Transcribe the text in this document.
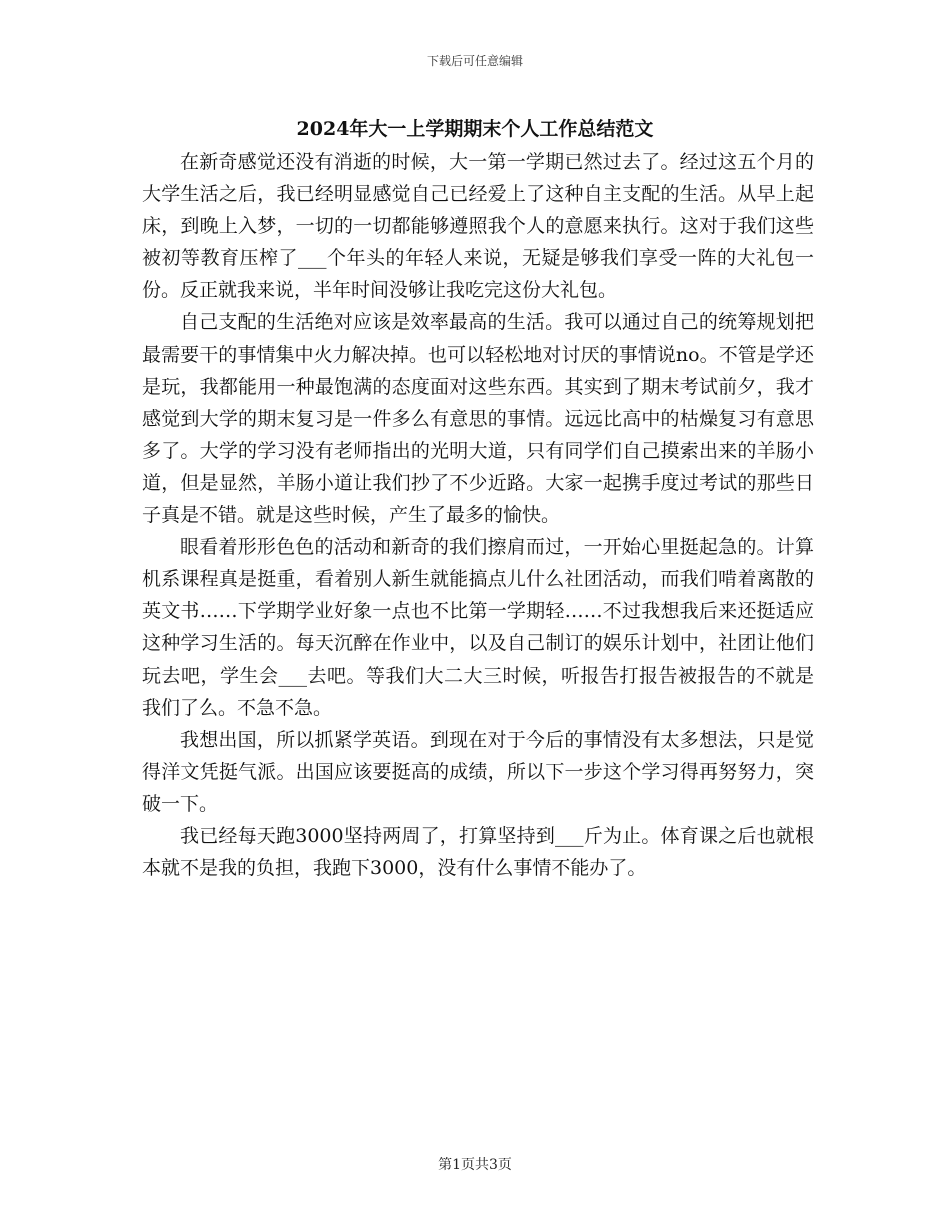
下载后可任意编辑
2024年大一上学期期末个人工作总结范文

在新奇感觉还没有消逝的时候，大一第一学期已然过去了。经过这五个月的大学生活之后，我已经明显感觉自己已经爱上了这种自主支配的生活。从早上起床，到晚上入梦，一切的一切都能够遵照我个人的意愿来执行。这对于我们这些被初等教育压榨了___个年头的年轻人来说，无疑是够我们享受一阵的大礼包一份。反正就我来说，半年时间没够让我吃完这份大礼包。

自己支配的生活绝对应该是效率最高的生活。我可以通过自己的统筹规划把最需要干的事情集中火力解决掉。也可以轻松地对讨厌的事情说no。不管是学还是玩，我都能用一种最饱满的态度面对这些东西。其实到了期末考试前夕，我才感觉到大学的期末复习是一件多么有意思的事情。远远比高中的枯燥复习有意思多了。大学的学习没有老师指出的光明大道，只有同学们自己摸索出来的羊肠小道，但是显然，羊肠小道让我们抄了不少近路。大家一起携手度过考试的那些日子真是不错。就是这些时候，产生了最多的愉快。

眼看着形形色色的活动和新奇的我们擦肩而过，一开始心里挺起急的。计算机系课程真是挺重，看着别人新生就能搞点儿什么社团活动，而我们啃着离散的英文书……下学期学业好象一点也不比第一学期轻……不过我想我后来还挺适应这种学习生活的。每天沉醉在作业中，以及自己制订的娱乐计划中，社团让他们玩去吧，学生会___去吧。等我们大二大三时候，听报告打报告被报告的不就是我们了么。不急不急。

我想出国，所以抓紧学英语。到现在对于今后的事情没有太多想法，只是觉得洋文凭挺气派。出国应该要挺高的成绩，所以下一步这个学习得再努努力，突破一下。

我已经每天跑3000坚持两周了，打算坚持到___斤为止。体育课之后也就根本就不是我的负担，我跑下3000，没有什么事情不能办了。

第1页共3页
